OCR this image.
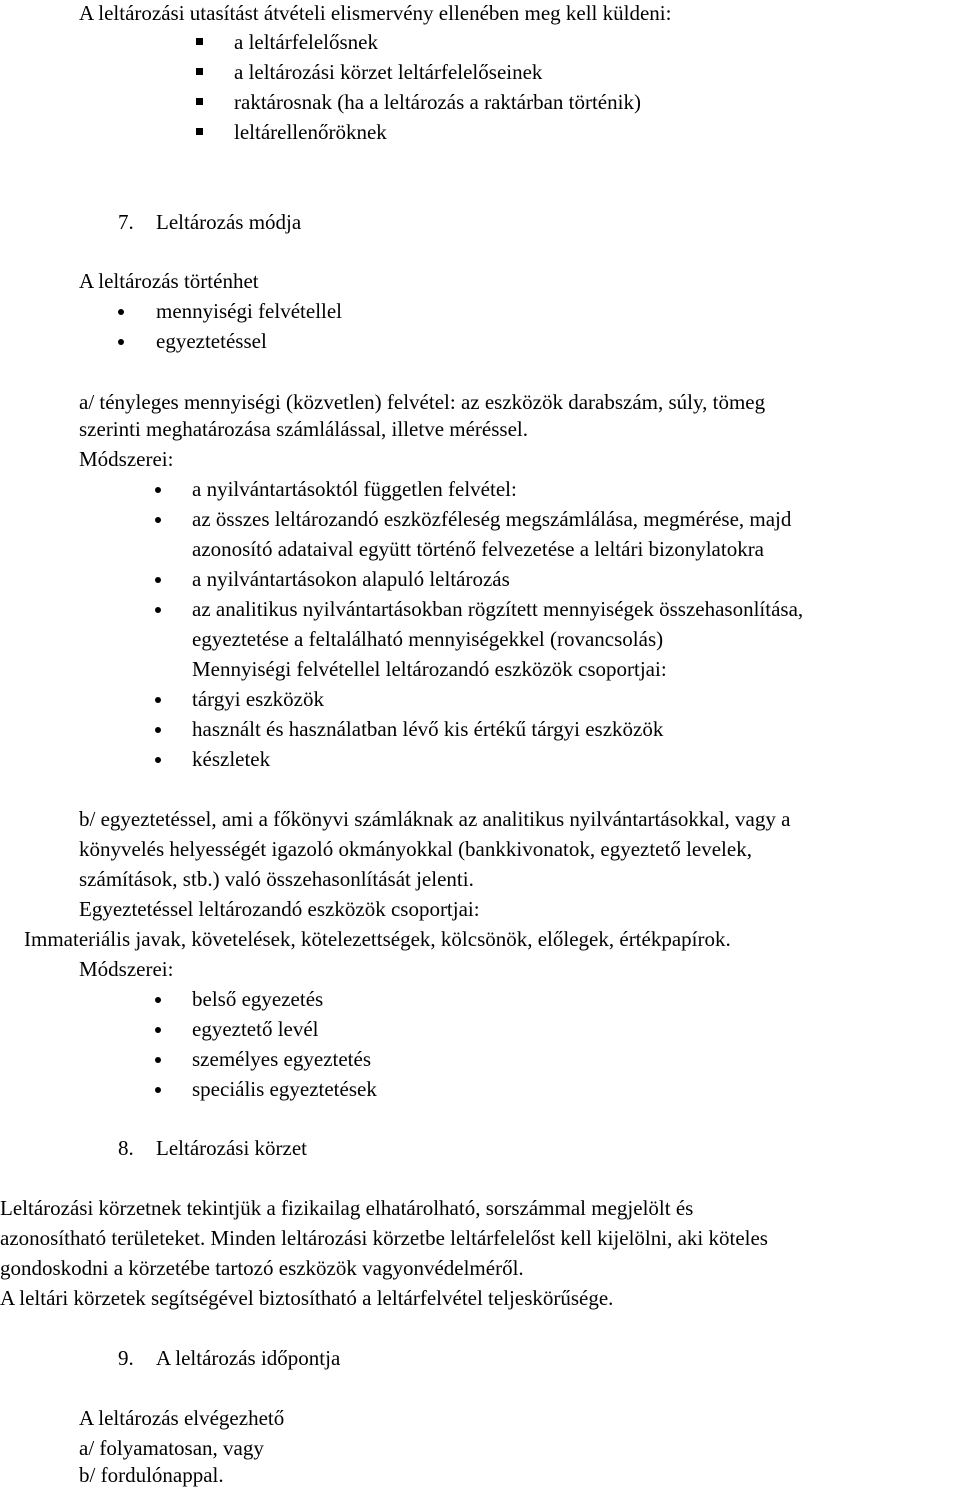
A leltározási utasítást átvételi elismervény ellenében meg kell küldeni:
a leltárfelelősnek
a leltározási körzet leltárfelelőseinek
raktárosnak (ha a leltározás a raktárban történik)
leltárellenőröknek
7. Leltározás módja
A leltározás történhet
mennyiségi felvétellel
egyeztetéssel
a/ tényleges mennyiségi (közvetlen) felvétel: az eszközök darabszám, súly, tömeg
szerinti meghatározása számlálással, illetve méréssel.
Módszerei:
a nyilvántartásoktól független felvétel:
az összes leltározandó eszközféleség megszámlálása, megmérése, majd
azonosító adataival együtt történő felvezetése a leltári bizonylatokra
a nyilvántartásokon alapuló leltározás
az analitikus nyilvántartásokban rögzített mennyiségek összehasonlítása,
egyeztetése a feltalálható mennyiségekkel (rovancsolás)
Mennyiségi felvétellel leltározandó eszközök csoportjai:
tárgyi eszközök
használt és használatban lévő kis értékű tárgyi eszközök
készletek
b/ egyeztetéssel, ami a főkönyvi számláknak az analitikus nyilvántartásokkal, vagy a
könyvelés helyességét igazoló okmányokkal (bankkivonatok, egyeztető levelek,
számítások, stb.) való összehasonlítását jelenti.
Egyeztetéssel leltározandó eszközök csoportjai:
Immateriális javak, követelések, kötelezettségek, kölcsönök, előlegek, értékpapírok.
Módszerei:
belső egyezetés
egyeztető levél
személyes egyeztetés
speciális egyeztetések
8. Leltározási körzet
Leltározási körzetnek tekintjük a fizikailag elhatárolható, sorszámmal megjelölt és
azonosítható területeket. Minden leltározási körzetbe leltárfelelőst kell kijelölni, aki köteles
gondoskodni a körzetébe tartozó eszközök vagyonvédelméről.
A leltári körzetek segítségével biztosítható a leltárfelvétel teljeskörűsége.
9. A leltározás időpontja
A leltározás elvégezhető
a/ folyamatosan, vagy
b/ fordulónappal.
